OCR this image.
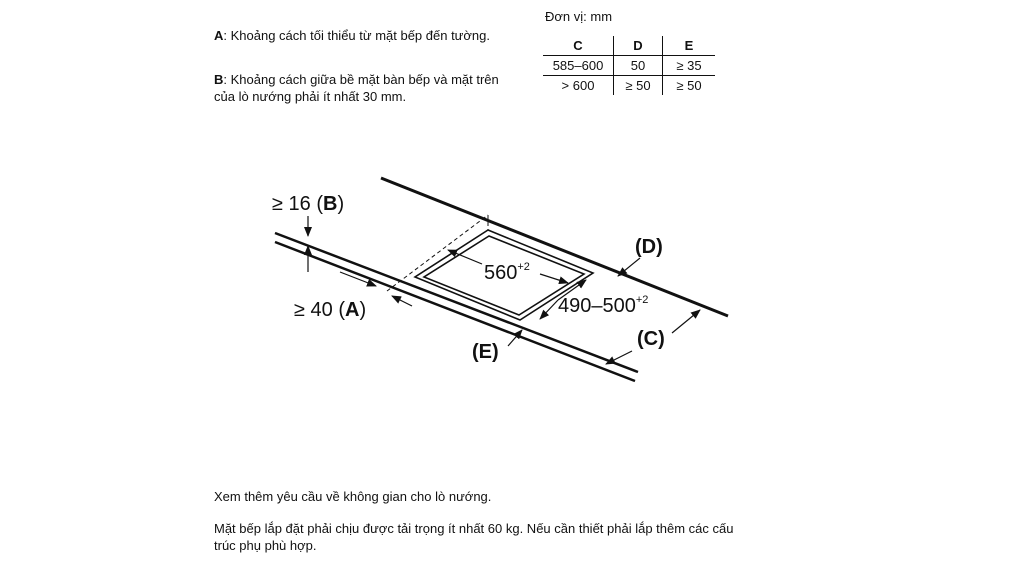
A: Khoảng cách tối thiểu từ mặt bếp đến tường.
B: Khoảng cách giữa bề mặt bàn bếp và mặt trên của lò nướng phải ít nhất 30 mm.
Đơn vị: mm
C	D	E
585–600	50	≥ 35
> 600	≥ 50	≥ 50
≥ 16 (B)
≥ 40 (A)
(D)
(E)
(C)
$560^{+2}$
$490-500^{+2}$
Xem thêm yêu cầu về không gian cho lò nướng.
Mặt bếp lắp đặt phải chịu được tải trọng ít nhất 60 kg. Nếu cần thiết phải lắp thêm các cấu trúc phụ phù hợp.
